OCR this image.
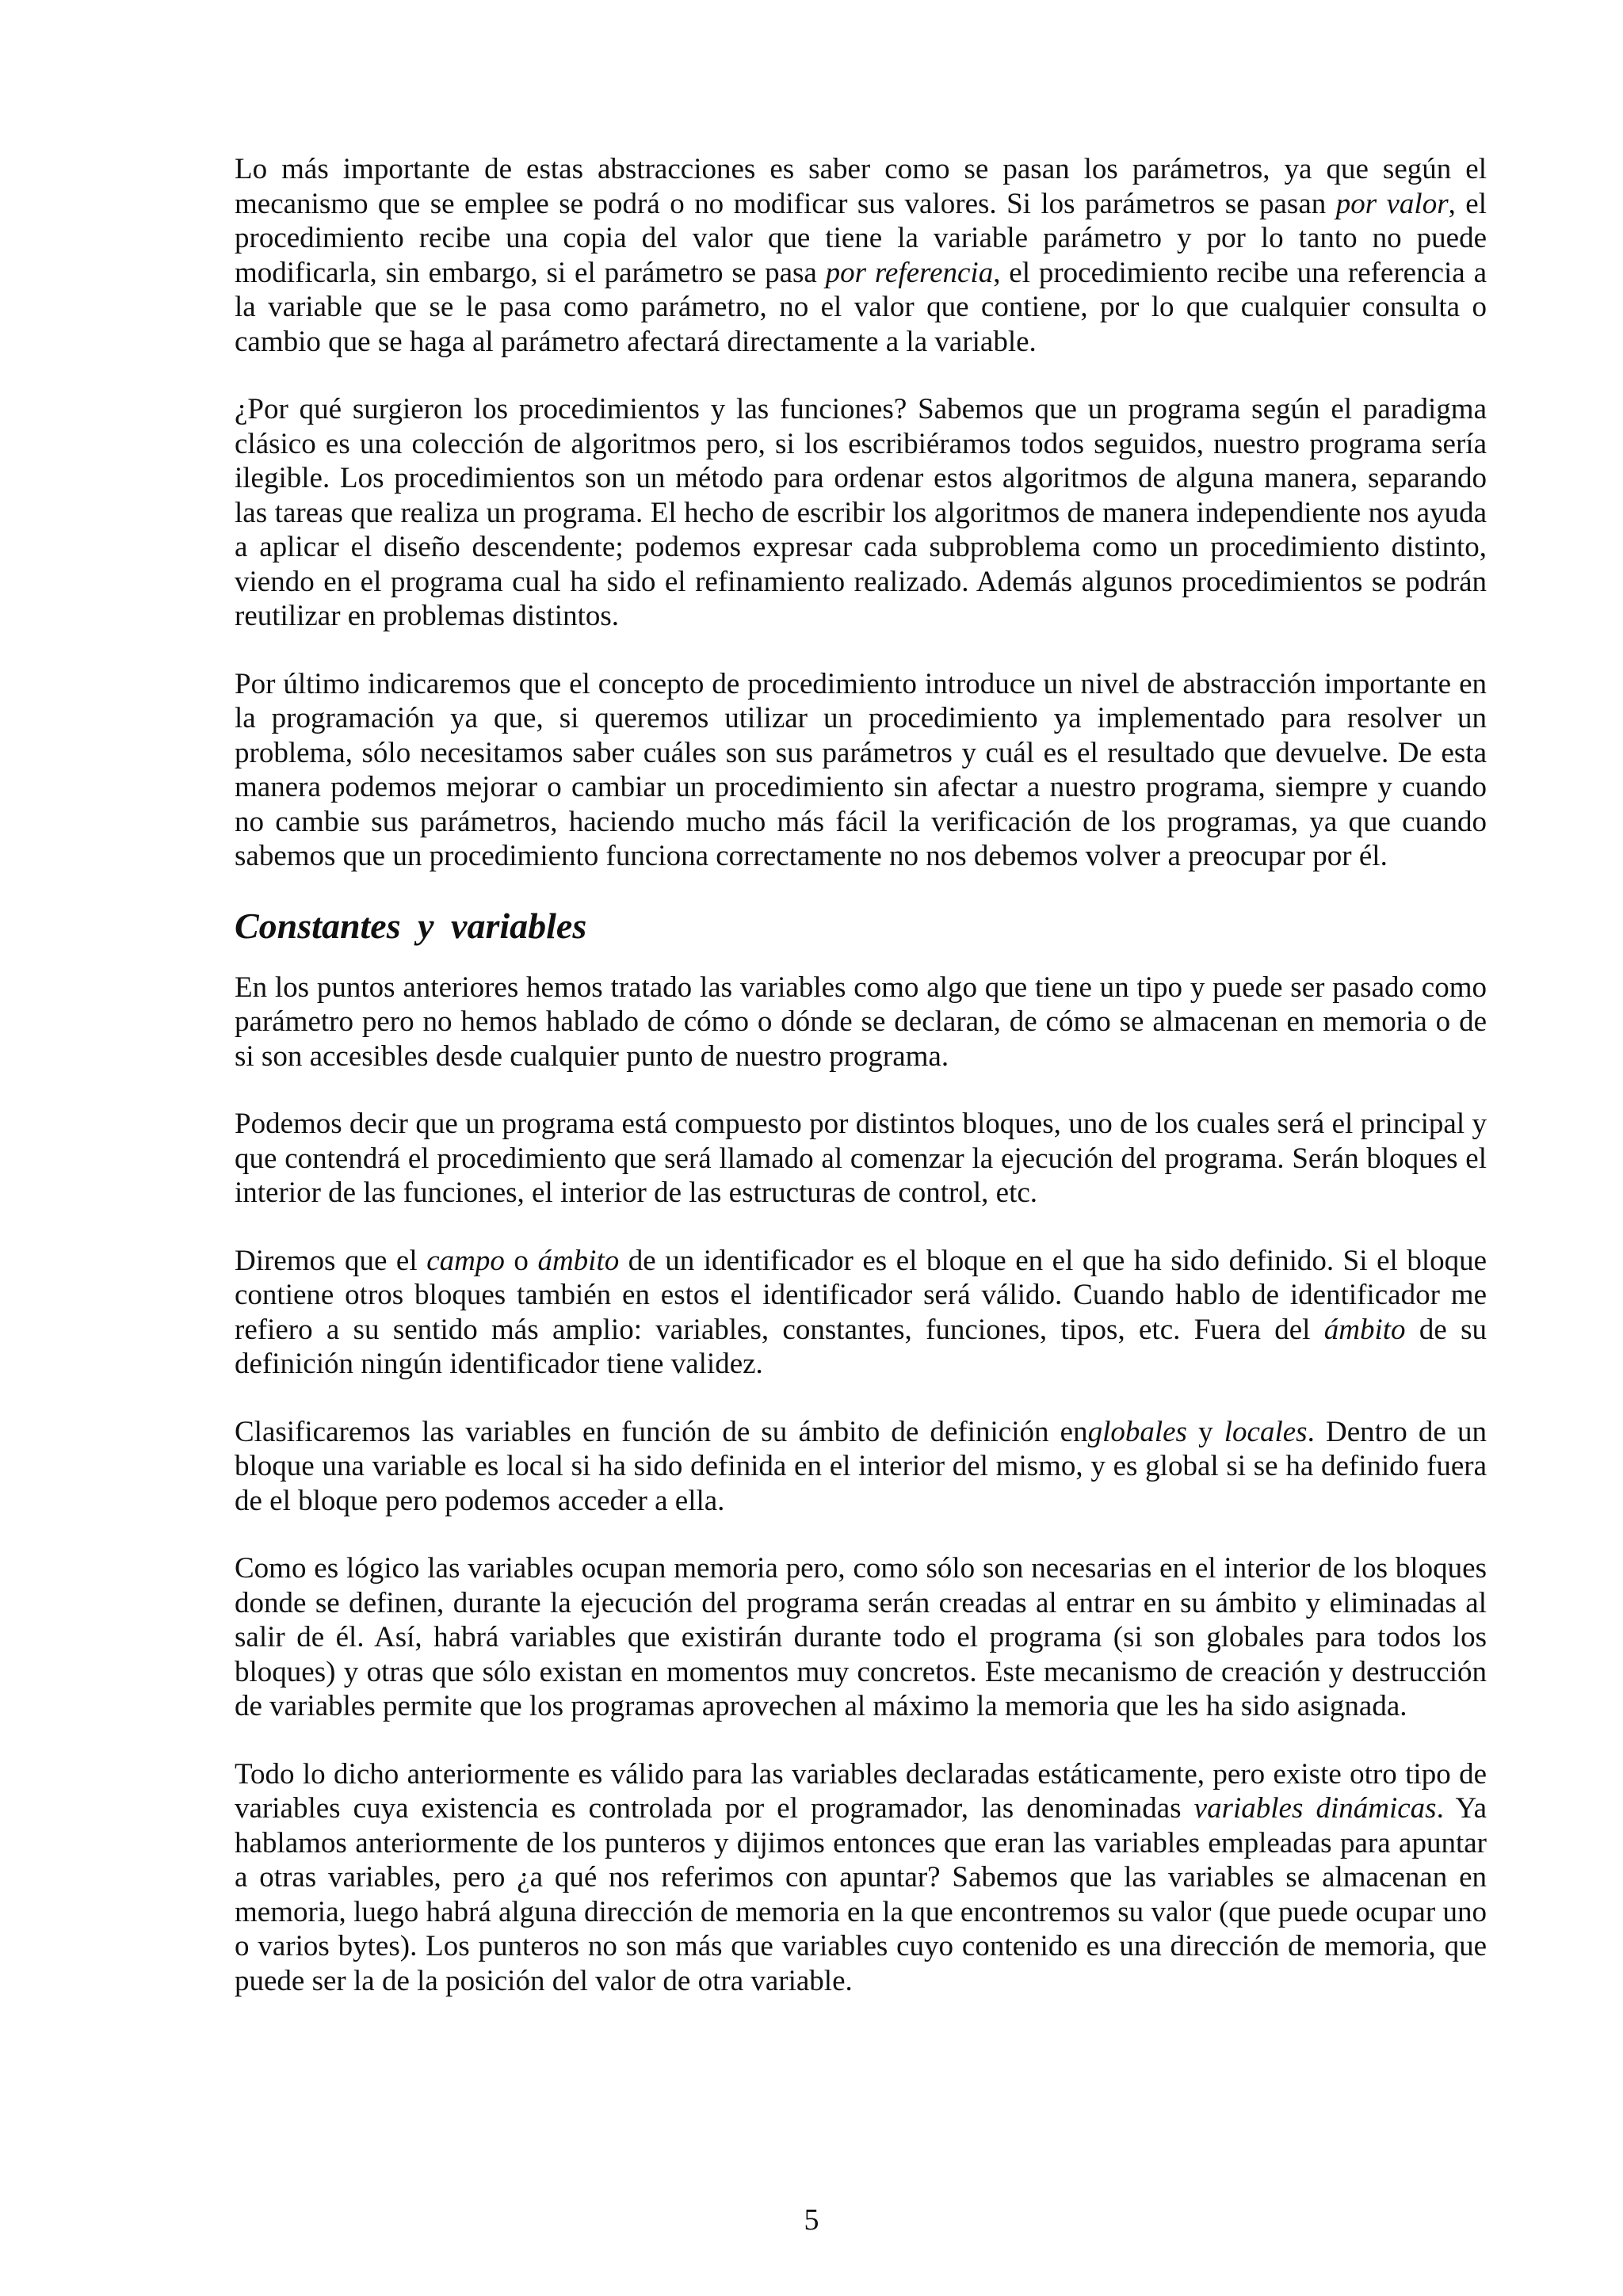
Lo más importante de estas abstracciones es saber como se pasan los parámetros, ya que según el mecanismo que se emplee se podrá o no modificar sus valores. Si los parámetros se pasan por valor, el procedimiento recibe una copia del valor que tiene la variable parámetro y por lo tanto no puede modificarla, sin embargo, si el parámetro se pasa por referencia, el procedimiento recibe una referencia a la variable que se le pasa como parámetro, no el valor que contiene, por lo que cualquier consulta o cambio que se haga al parámetro afectará directamente a la variable.

¿Por qué surgieron los procedimientos y las funciones? Sabemos que un programa según el paradigma clásico es una colección de algoritmos pero, si los escribiéramos todos seguidos, nuestro programa sería ilegible. Los procedimientos son un método para ordenar estos algoritmos de alguna manera, separando las tareas que realiza un programa. El hecho de escribir los algoritmos de manera independiente nos ayuda a aplicar el diseño descendente; podemos expresar cada subproblema como un procedimiento distinto, viendo en el programa cual ha sido el refinamiento realizado. Además algunos procedimientos se podrán reutilizar en problemas distintos.

Por último indicaremos que el concepto de procedimiento introduce un nivel de abstracción importante en la programación ya que, si queremos utilizar un procedimiento ya implementado para resolver un problema, sólo necesitamos saber cuáles son sus parámetros y cuál es el resultado que devuelve. De esta manera podemos mejorar o cambiar un procedimiento sin afectar a nuestro programa, siempre y cuando no cambie sus parámetros, haciendo mucho más fácil la verificación de los programas, ya que cuando sabemos que un procedimiento funciona correctamente no nos debemos volver a preocupar por él.

Constantes y variables

En los puntos anteriores hemos tratado las variables como algo que tiene un tipo y puede ser pasado como parámetro pero no hemos hablado de cómo o dónde se declaran, de cómo se almacenan en memoria o de si son accesibles desde cualquier punto de nuestro programa.

Podemos decir que un programa está compuesto por distintos bloques, uno de los cuales será el principal y que contendrá el procedimiento que será llamado al comenzar la ejecución del programa. Serán bloques el interior de las funciones, el interior de las estructuras de control, etc.

Diremos que el campo o ámbito de un identificador es el bloque en el que ha sido definido. Si el bloque contiene otros bloques también en estos el identificador será válido. Cuando hablo de identificador me refiero a su sentido más amplio: variables, constantes, funciones, tipos, etc. Fuera del ámbito de su definición ningún identificador tiene validez.

Clasificaremos las variables en función de su ámbito de definición englobales y locales. Dentro de un bloque una variable es local si ha sido definida en el interior del mismo, y es global si se ha definido fuera de el bloque pero podemos acceder a ella.

Como es lógico las variables ocupan memoria pero, como sólo son necesarias en el interior de los bloques donde se definen, durante la ejecución del programa serán creadas al entrar en su ámbito y eliminadas al salir de él. Así, habrá variables que existirán durante todo el programa (si son globales para todos los bloques) y otras que sólo existan en momentos muy concretos. Este mecanismo de creación y destrucción de variables permite que los programas aprovechen al máximo la memoria que les ha sido asignada.

Todo lo dicho anteriormente es válido para las variables declaradas estáticamente, pero existe otro tipo de variables cuya existencia es controlada por el programador, las denominadas variables dinámicas. Ya hablamos anteriormente de los punteros y dijimos entonces que eran las variables empleadas para apuntar a otras variables, pero ¿a qué nos referimos con apuntar? Sabemos que las variables se almacenan en memoria, luego habrá alguna dirección de memoria en la que encontremos su valor (que puede ocupar uno o varios bytes). Los punteros no son más que variables cuyo contenido es una dirección de memoria, que puede ser la de la posición del valor de otra variable.

5
